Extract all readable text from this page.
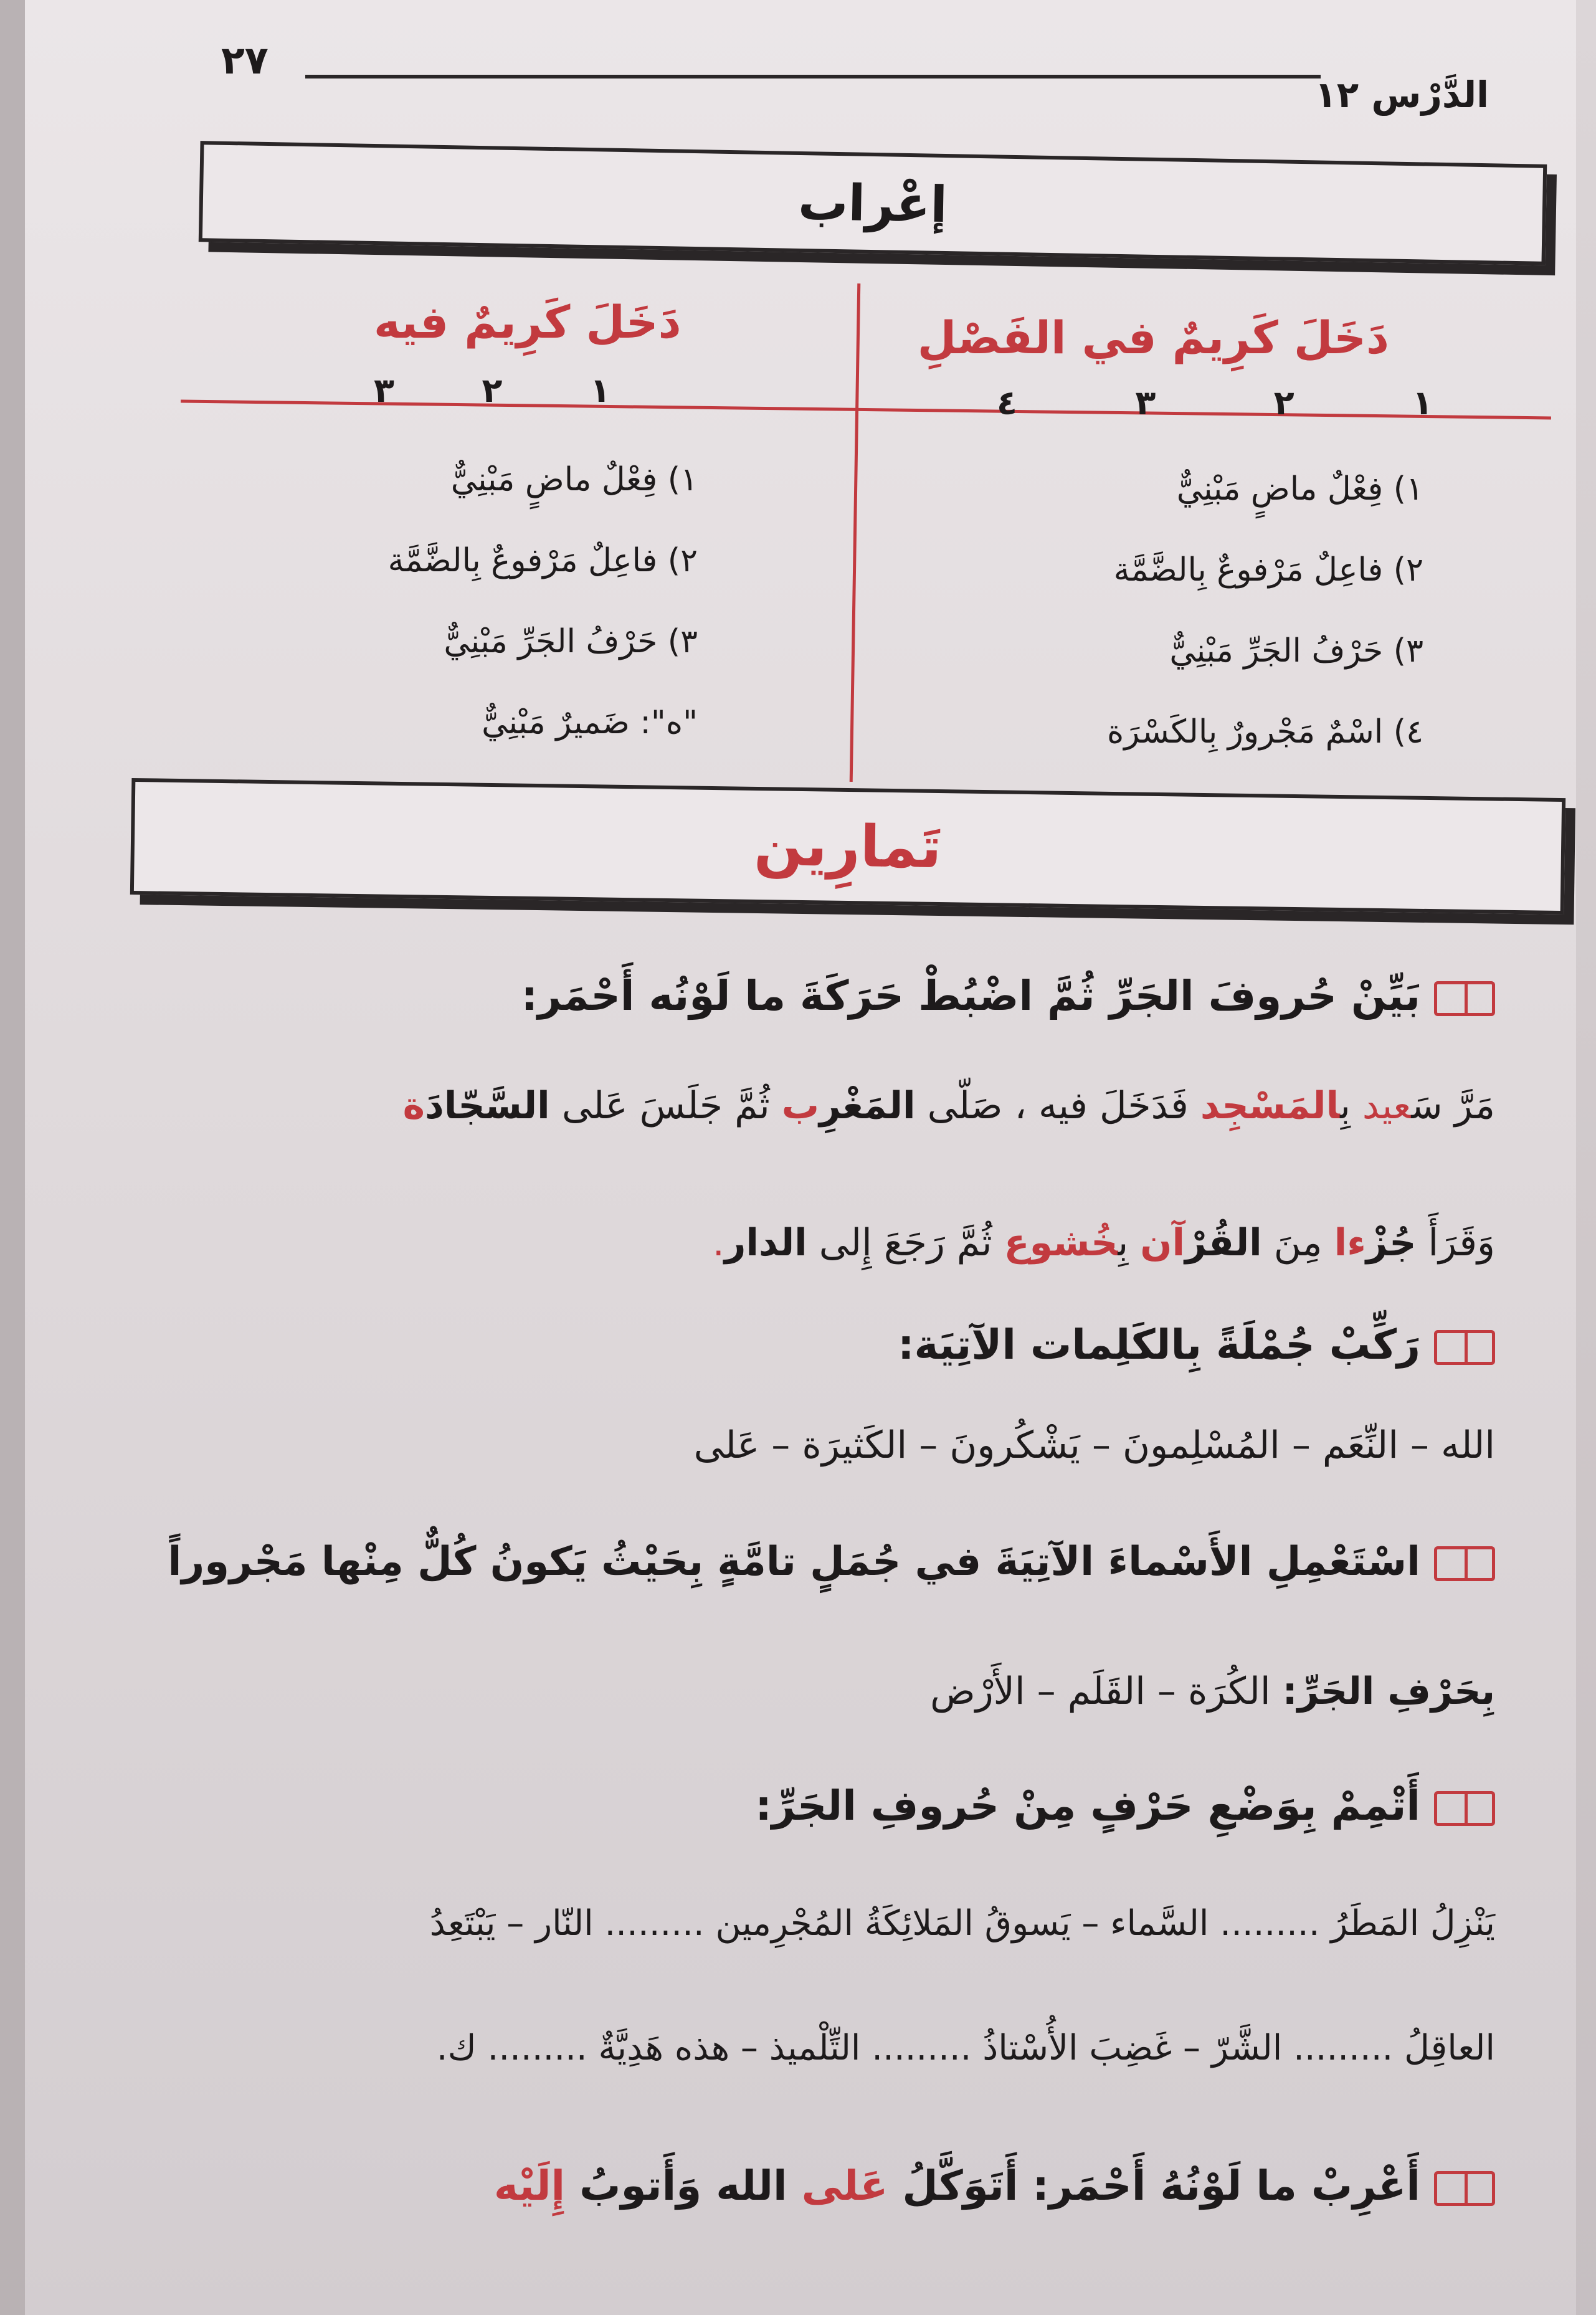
٢٧
الدَّرْس ١٢
إعْراب
دَخَلَ كَرِيمٌ في الفَصْلِ
١
٢
٣
٤
١) فِعْلٌ ماضٍ مَبْنِيٌّ
٢) فاعِلٌ مَرْفوعٌ بِالضَّمَّة
٣) حَرْفُ الجَرِّ مَبْنِيٌّ
٤) اسْمٌ مَجْرورٌ بِالكَسْرَة
دَخَلَ كَرِيمٌ فيه
١
٢
٣
١) فِعْلٌ ماضٍ مَبْنِيٌّ
٢) فاعِلٌ مَرْفوعٌ بِالضَّمَّة
٣) حَرْفُ الجَرِّ مَبْنِيٌّ
"ه": ضَميرٌ مَبْنِيٌّ
تَمارِين
بَيِّنْ حُروفَ الجَرِّ ثُمَّ اضْبُطْ حَرَكَةَ ما لَوْنُه أَحْمَر:
مَرَّ سَعيد بِالمَسْجِد فَدَخَلَ فيه ، صَلّى المَغْرِب ثُمَّ جَلَسَ عَلى السَّجّادَة
وَقَرَأَ جُزْءا مِنَ القُرْآن بِخُشوع ثُمَّ رَجَعَ إِلى الدار.
رَكِّبْ جُمْلَةً بِالكَلِمات الآتِيَة:
الله – النِّعَم – المُسْلِمونَ – يَشْكُرونَ – الكَثيرَة – عَلى
اسْتَعْمِلِ الأَسْماءَ الآتِيَةَ في جُمَلٍ تامَّةٍ بِحَيْثُ يَكونُ كُلٌّ مِنْها مَجْروراً
بِحَرْفِ الجَرِّ: الكُرَة – القَلَم – الأَرْض
أَتْمِمْ بِوَضْعِ حَرْفٍ مِنْ حُروفِ الجَرِّ:
يَنْزِلُ المَطَرُ ......... السَّماء – يَسوقُ المَلائِكَةُ المُجْرِمين ......... النّار – يَبْتَعِدُ
العاقِلُ ......... الشَّرّ – غَضِبَ الأُسْتاذُ ......... التِّلْميذ – هذه هَدِيَّةٌ ......... ك.
أَعْرِبْ ما لَوْنُهُ أَحْمَر: أَتَوَكَّلُ عَلى الله وَأَتوبُ إِلَيْه
